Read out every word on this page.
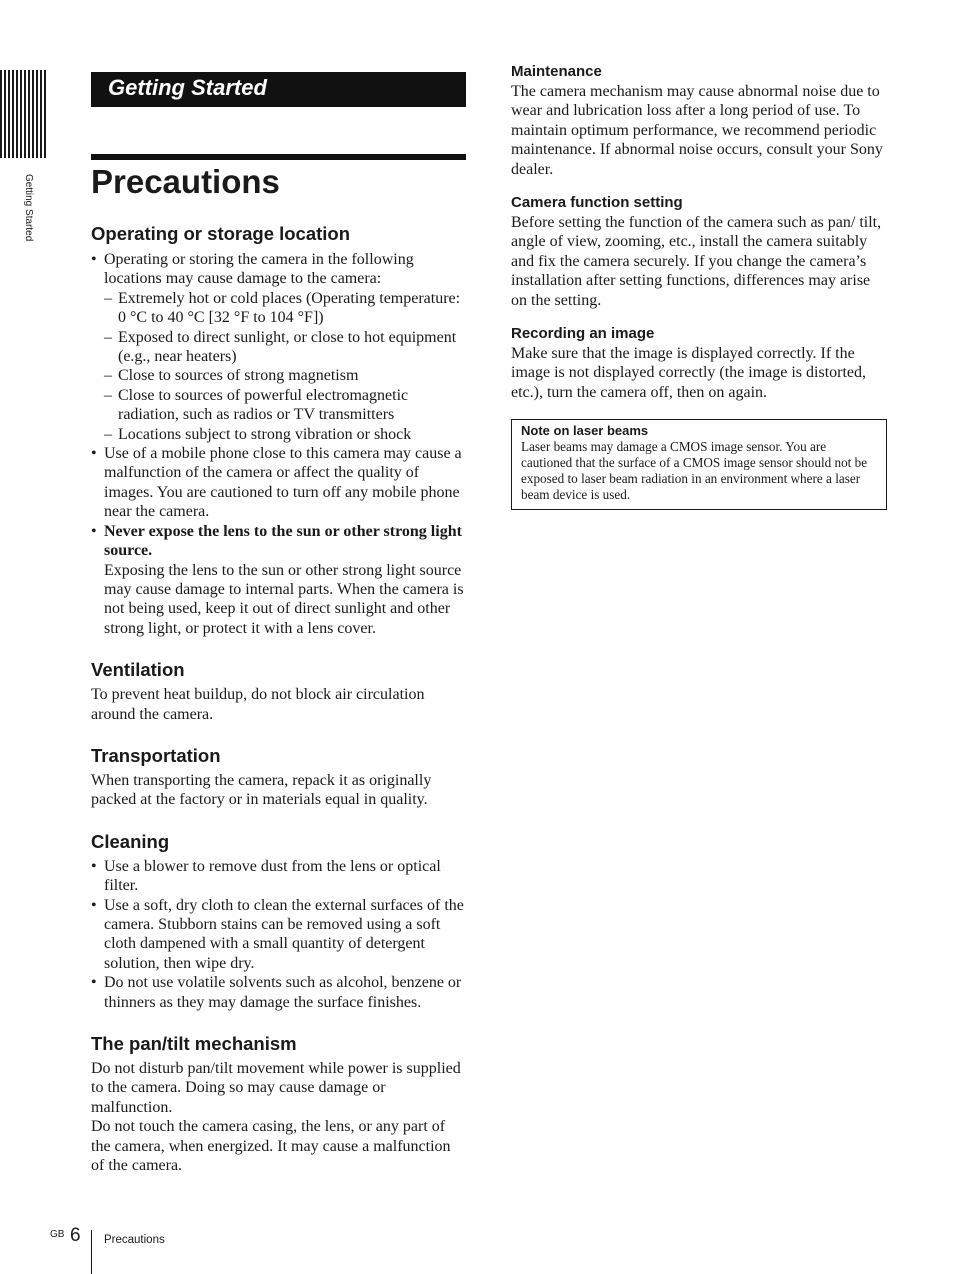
Getting Started
Getting Started
Precautions
Operating or storage location
• Operating or storing the camera in the following locations may cause damage to the camera:
– Extremely hot or cold places (Operating temperature: 0 °C to 40 °C [32 °F to 104 °F])
– Exposed to direct sunlight, or close to hot equipment (e.g., near heaters)
– Close to sources of strong magnetism
– Close to sources of powerful electromagnetic radiation, such as radios or TV transmitters
– Locations subject to strong vibration or shock
• Use of a mobile phone close to this camera may cause a malfunction of the camera or affect the quality of images. You are cautioned to turn off any mobile phone near the camera.
• Never expose the lens to the sun or other strong light source.
Exposing the lens to the sun or other strong light source may cause damage to internal parts. When the camera is not being used, keep it out of direct sunlight and other strong light, or protect it with a lens cover.
Ventilation

To prevent heat buildup, do not block air circulation around the camera.

Transportation

When transporting the camera, repack it as originally packed at the factory or in materials equal in quality.

Cleaning
• Use a blower to remove dust from the lens or optical filter.
• Use a soft, dry cloth to clean the external surfaces of the camera. Stubborn stains can be removed using a soft cloth dampened with a small quantity of detergent solution, then wipe dry.
• Do not use volatile solvents such as alcohol, benzene or thinners as they may damage the surface finishes.
The pan/tilt mechanism

Do not disturb pan/tilt movement while power is supplied to the camera. Doing so may cause damage or malfunction.

Do not touch the camera casing, the lens, or any part of the camera, when energized. It may cause a malfunction of the camera.

Maintenance

The camera mechanism may cause abnormal noise due to wear and lubrication loss after a long period of use. To maintain optimum performance, we recommend periodic maintenance. If abnormal noise occurs, consult your Sony dealer.

Camera function setting

Before setting the function of the camera such as pan/ tilt, angle of view, zooming, etc., install the camera suitably and fix the camera securely. If you change the camera’s installation after setting functions, differences may arise on the setting.

Recording an image

Make sure that the image is displayed correctly. If the image is not displayed correctly (the image is distorted, etc.), turn the camera off, then on again.

Note on laser beams
Laser beams may damage a CMOS image sensor. You are cautioned that the surface of a CMOS image sensor should not be exposed to laser beam radiation in an environment where a laser beam device is used.
GB 6 Precautions
